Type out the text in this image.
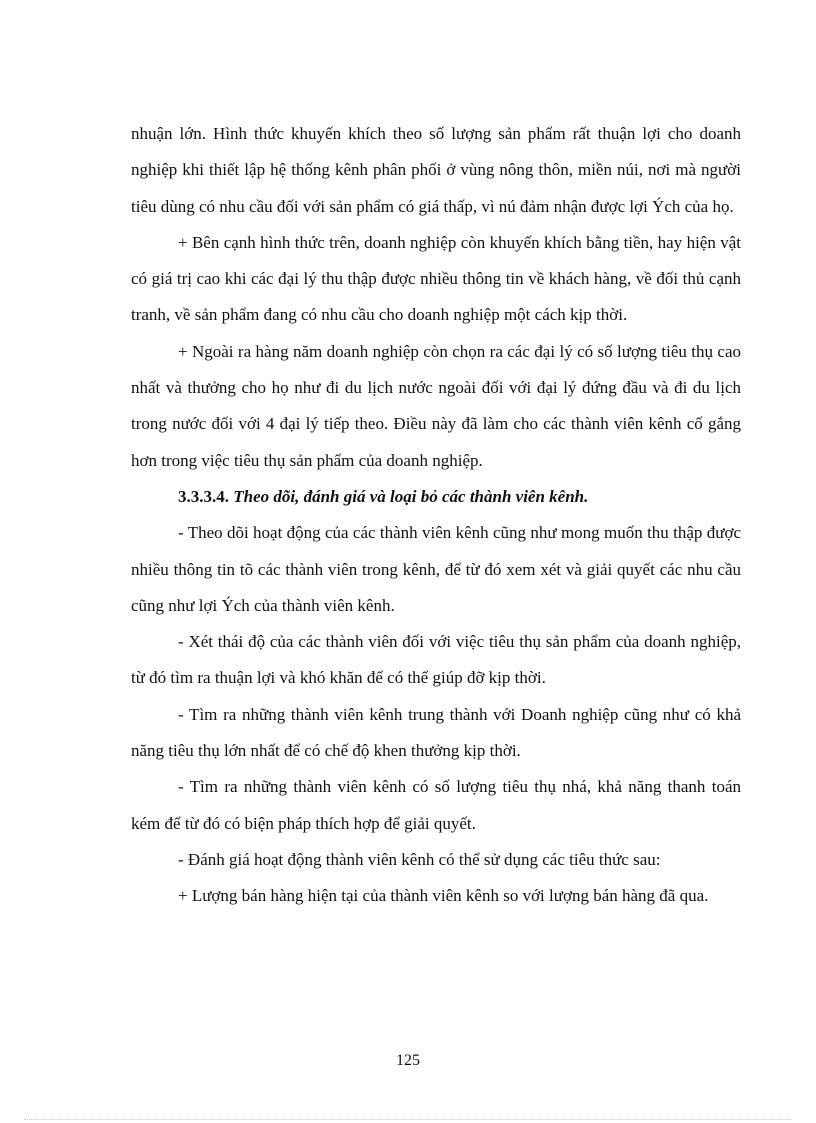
nhuận lớn. Hình thức khuyến khích theo số lượng sản phẩm rất thuận lợi cho doanh nghiệp khi thiết lập hệ thống kênh phân phối ở vùng nông thôn, miền núi, nơi mà người tiêu dùng có nhu cầu đối với sản phẩm có giá thấp, vì nú đảm nhận được lợi Ých của họ.

+ Bên cạnh hình thức trên, doanh nghiệp còn khuyến khích bằng tiền, hay hiện vật có giá trị cao khi các đại lý thu thập được nhiều thông tin về khách hàng, về đối thủ cạnh tranh, về sản phẩm đang có nhu cầu cho doanh nghiệp một cách kịp thời.

+ Ngoài ra hàng năm doanh nghiệp còn chọn ra các đại lý có số lượng tiêu thụ cao nhất và thưởng cho họ như đi du lịch nước ngoài đối với đại lý đứng đầu và đi du lịch trong nước đối với 4 đại lý tiếp theo. Điều này đã làm cho các thành viên kênh cố gắng hơn trong việc tiêu thụ sản phẩm của doanh nghiệp.

3.3.3.4. Theo dõi, đánh giá và loại bỏ các thành viên kênh.

- Theo dõi hoạt động của các thành viên kênh cũng như mong muốn thu thập được nhiều thông tin tõ các thành viên trong kênh, để từ đó xem xét và giải quyết các nhu cầu cũng như lợi Ých của thành viên kênh.

- Xét thái độ của các thành viên đối với việc tiêu thụ sản phẩm của doanh nghiệp, từ đó tìm ra thuận lợi và khó khăn để có thể giúp đỡ kịp thời.

- Tìm ra những thành viên kênh trung thành với Doanh nghiệp cũng như có khả năng tiêu thụ lớn nhất để có chế độ khen thưởng kịp thời.

- Tìm ra những thành viên kênh có số lượng tiêu thụ nhá, khả năng thanh toán kém để từ đó có biện pháp thích hợp để giải quyết.

- Đánh giá hoạt động thành viên kênh có thể sử dụng các tiêu thức sau:

+ Lượng bán hàng hiện tại của thành viên kênh so với lượng bán hàng đã qua.

125
